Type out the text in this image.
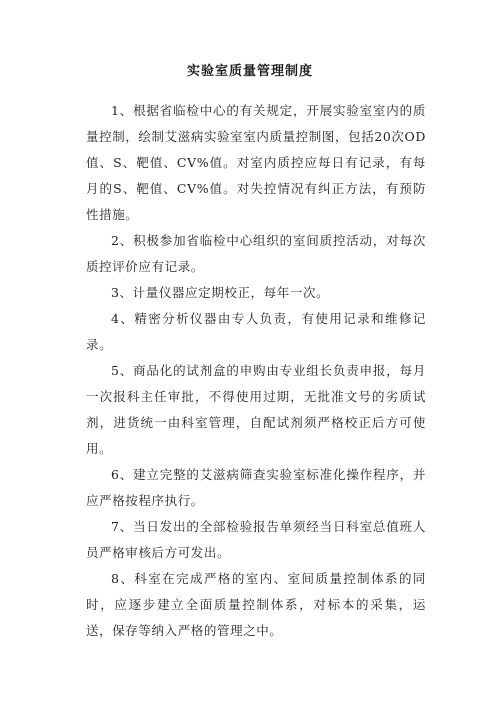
实验室质量管理制度

1、根据省临检中心的有关规定，开展实验室室内的质量控制，绘制艾滋病实验室室内质量控制图，包括20次OD值、S、靶值、CV%值。对室内质控应每日有记录，有每月的S、靶值、CV%值。对失控情况有纠正方法，有预防性措施。

2、积极参加省临检中心组织的室间质控活动，对每次质控评价应有记录。

3、计量仪器应定期校正，每年一次。

4、精密分析仪器由专人负责，有使用记录和维修记录。

5、商品化的试剂盒的申购由专业组长负责申报，每月一次报科主任审批，不得使用过期，无批准文号的劣质试剂，进货统一由科室管理，自配试剂须严格校正后方可使用。

6、建立完整的艾滋病筛查实验室标准化操作程序，并应严格按程序执行。

7、当日发出的全部检验报告单须经当日科室总值班人员严格审核后方可发出。

8、科室在完成严格的室内、室间质量控制体系的同时，应逐步建立全面质量控制体系，对标本的采集，运送，保存等纳入严格的管理之中。
